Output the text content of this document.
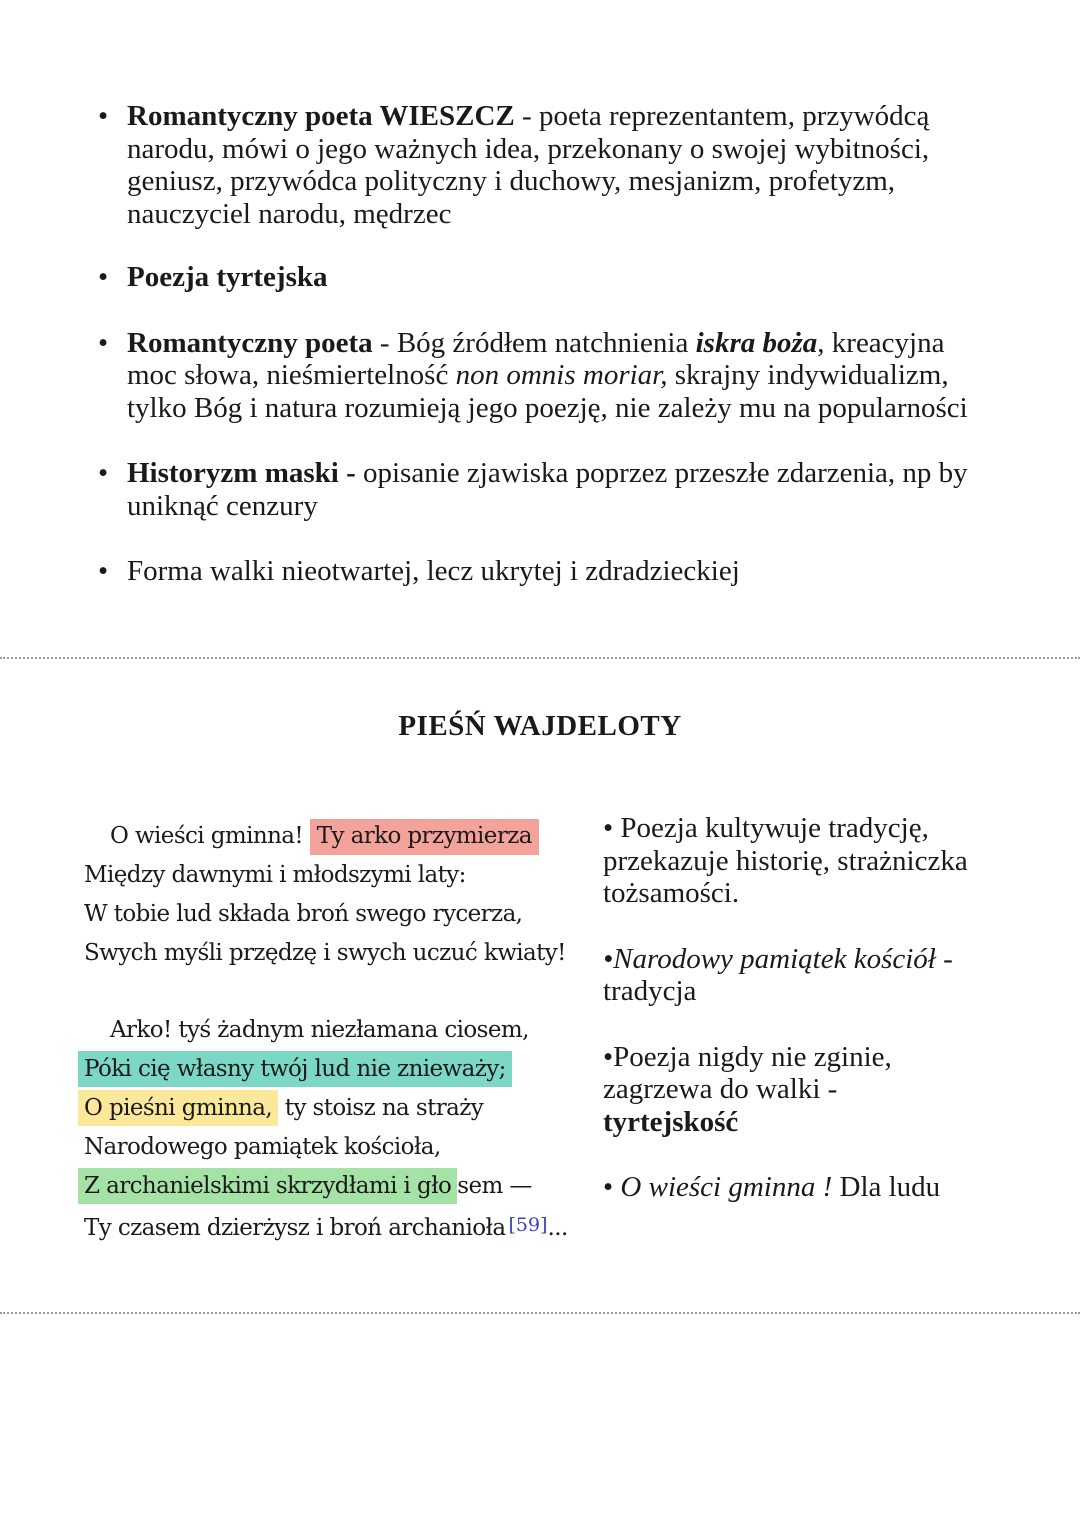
• Romantyczny poeta WIESZCZ - poeta reprezentantem, przywódcą narodu, mówi o jego ważnych idea, przekonany o swojej wybitności, geniusz, przywódca polityczny i duchowy, mesjanizm, profetyzm, nauczyciel narodu, mędrzec
• Poezja tyrtejska
• Romantyczny poeta - Bóg źródłem natchnienia iskra boża, kreacyjna moc słowa, nieśmiertelność non omnis moriar, skrajny indywidualizm, tylko Bóg i natura rozumieją jego poezję, nie zależy mu na popularności
• Historyzm maski - opisanie zjawiska poprzez przeszłe zdarzenia, np by uniknąć cenzury
• Forma walki nieotwartej, lecz ukrytej i zdradzieckiej
PIEŚŃ WAJDELOTY
O wieści gminna! Ty arko przymierza
Między dawnymi i młodszymi laty:
W tobie lud składa broń swego rycerza,
Swych myśli przędzę i swych uczuć kwiaty!
Arko! tyś żadnym niezłamana ciosem,
Póki cię własny twój lud nie znieważy;
O pieśni gminna, ty stoisz na straży
Narodowego pamiątek kościoła,
Z archanielskimi skrzydłami i gło sem —
Ty czasem dzierżysz i broń archanioła [59]...

• Poezja kultywuje tradycję, przekazuje historię, strażniczka tożsamości.

•Narodowy pamiątek kościół - tradycja

•Poezja nigdy nie zginie, zagrzewa do walki -
tyrtejskość

• O wieści gminna ! Dla ludu
